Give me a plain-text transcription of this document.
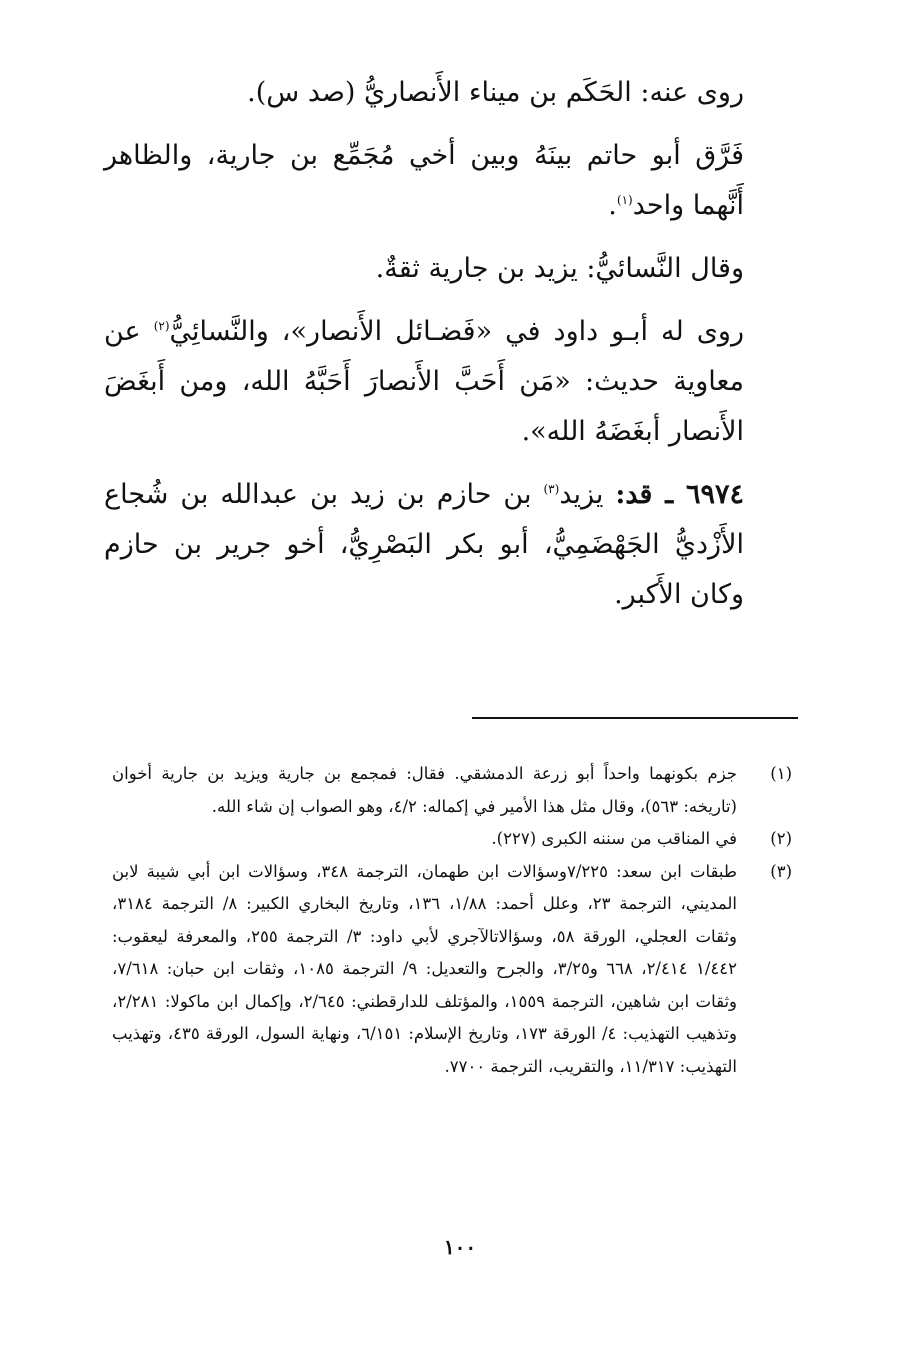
روى عنه: الحَكَم بن ميناء الأَنصاريُّ (صد س).

فَرَّق أبو حاتم بينَهُ وبين أخي مُجَمِّع بن جارية، والظاهر أَنَّهما واحد$^{(١)}$.

وقال النَّسائيُّ: يزيد بن جارية ثقةٌ.

روى له أبـو داود في «فَضـائل الأَنصار»، والنَّسائِيُّ$^{(٢)}$ عن معاوية حديث: «مَن أَحَبَّ الأَنصارَ أَحَبَّهُ الله، ومن أَبغَضَ الأَنصار أبغَضَهُ الله».

٦٩٧٤ ـ قد: يزيد$^{(٣)}$ بن حازم بن زيد بن عبدالله بن شُجاع الأَزْديُّ الجَهْضَمِيُّ، أبو بكر البَصْرِيُّ، أخو جرير بن حازم وكان الأَكبر.

(١)
جزم بكونهما واحداً أبو زرعة الدمشقي. فقال: فمجمع بن جارية ويزيد بن جارية أخوان (تاريخه: ٥٦٣)، وقال مثل هذا الأمير في إكماله: ٤/٢، وهو الصواب إن شاء الله.

(٢)
في المناقب من سننه الكبرى (٢٢٧).

(٣)
طبقات ابن سعد: ٧/٢٢٥وسؤالات ابن طهمان، الترجمة ٣٤٨، وسؤالات ابن أبي شيبة لابن المديني، الترجمة ٢٣، وعلل أحمد: ١/٨٨، ١٣٦، وتاريخ البخاري الكبير: ٨/ الترجمة ٣١٨٤، وثقات العجلي، الورقة ٥٨، وسؤالاتالآجري لأبي داود: ٣/ الترجمة ٢٥٥، والمعرفة ليعقوب: ١/٤٤٢ ٢/٤١٤، ٦٦٨ و٣/٢٥، والجرح والتعديل: ٩/ الترجمة ١٠٨٥، وثقات ابن حبان: ٧/٦١٨، وثقات ابن شاهين، الترجمة ١٥٥٩، والمؤتلف للدارقطني: ٢/٦٤٥، وإكمال ابن ماكولا: ٢/٢٨١، وتذهيب التهذيب: ٤/ الورقة ١٧٣، وتاريخ الإسلام: ٦/١٥١، ونهاية السول، الورقة ٤٣٥، وتهذيب التهذيب: ١١/٣١٧، والتقريب، الترجمة ٧٧٠٠.

١٠٠
